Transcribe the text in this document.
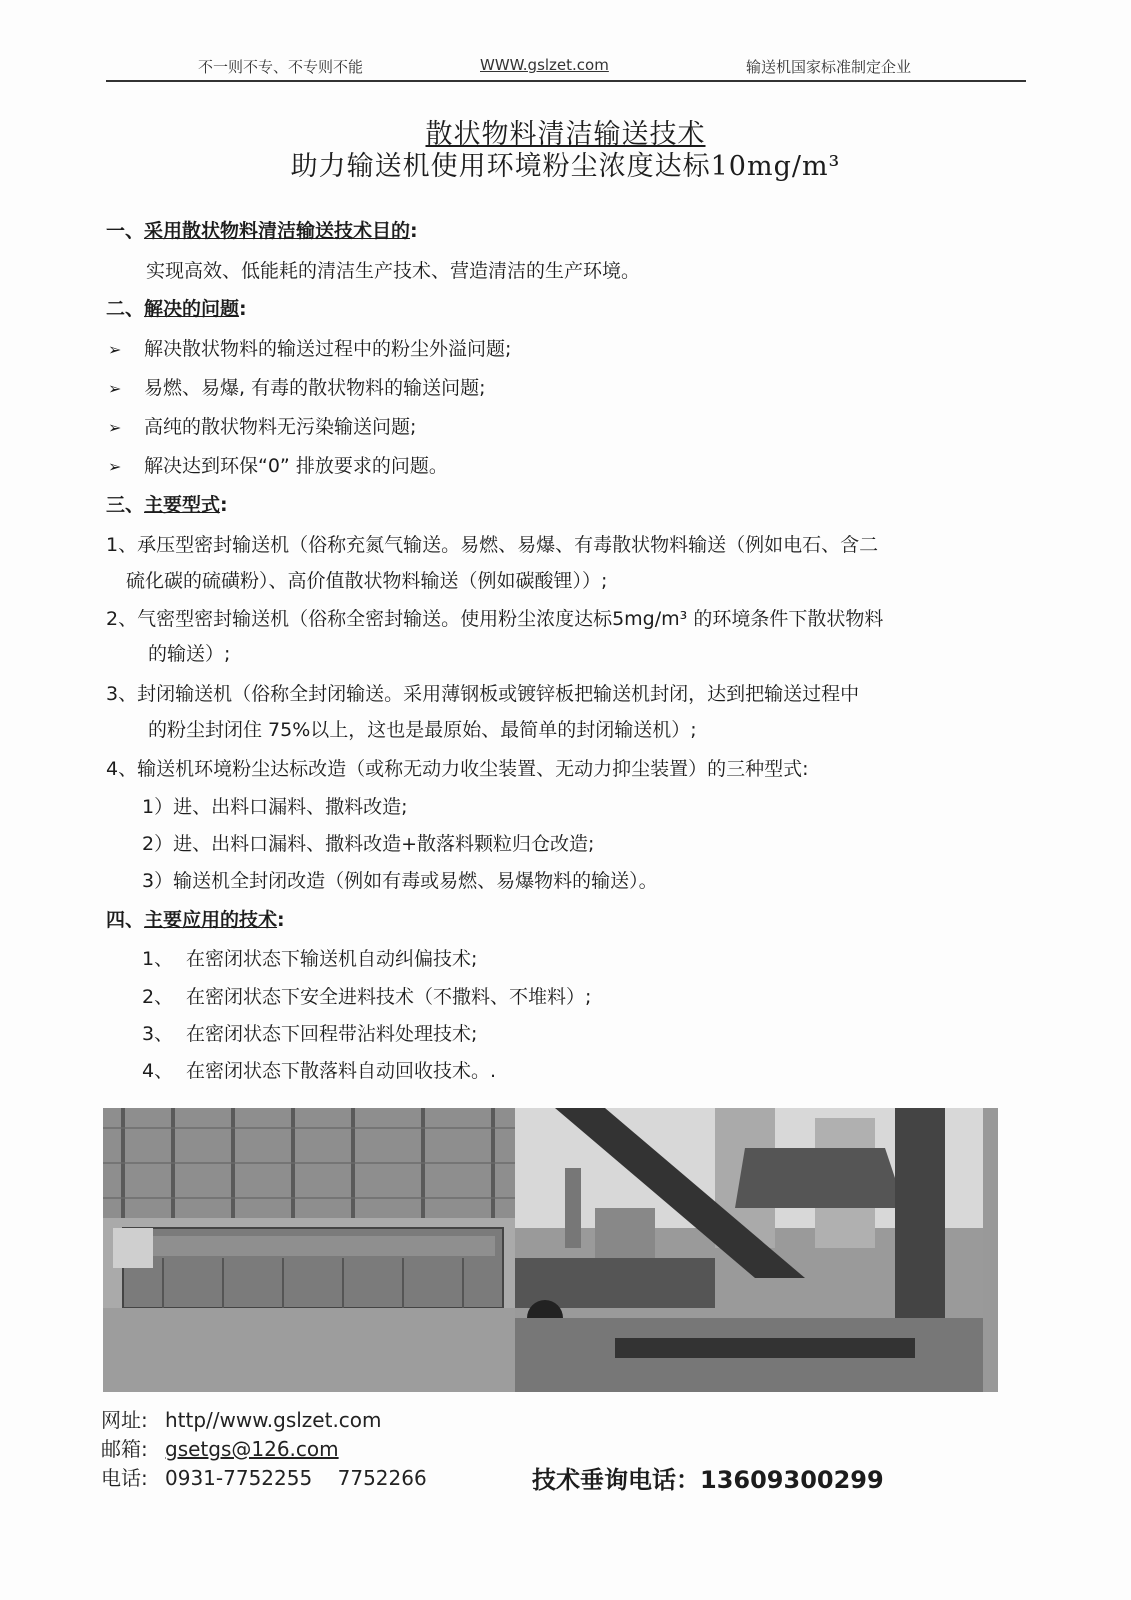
不一则不专、不专则不能	WWW.gslzet.com	输送机国家标准制定企业
散状物料清洁输送技术
助力输送机使用环境粉尘浓度达标10mg/m³
一、采用散状物料清洁输送技术目的:
实现高效、低能耗的清洁生产技术、营造清洁的生产环境。
二、解决的问题:
➢ 解决散状物料的输送过程中的粉尘外溢问题;
➢ 易燃、易爆, 有毒的散状物料的输送问题;
➢ 高纯的散状物料无污染输送问题;
➢ 解决达到环保“0” 排放要求的问题。
三、主要型式:
1、承压型密封输送机（俗称充氮气输送。易燃、易爆、有毒散状物料输送（例如电石、含二
硫化碳的硫磺粉）、高价值散状物料输送（例如碳酸锂））;
2、气密型密封输送机（俗称全密封输送。使用粉尘浓度达标5mg/m³ 的环境条件下散状物料
的输送）;
3、封闭输送机（俗称全封闭输送。采用薄钢板或镀锌板把输送机封闭，达到把输送过程中
的粉尘封闭住 75%以上，这也是最原始、最简单的封闭输送机）;
4、输送机环境粉尘达标改造（或称无动力收尘装置、无动力抑尘装置）的三种型式:
1）进、出料口漏料、撒料改造;
2）进、出料口漏料、撒料改造+散落料颗粒归仓改造;
3）输送机全封闭改造（例如有毒或易燃、易爆物料的输送）。
四、主要应用的技术:
1、 在密闭状态下输送机自动纠偏技术;
2、 在密闭状态下安全进料技术（不撒料、不堆料）;
3、 在密闭状态下回程带沾料处理技术;
4、 在密闭状态下散落料自动回收技术。.
网址: http//www.gslzet.com
邮箱: gsetgs@126.com
电话: 0931-7752255    7752266	技术垂询电话：13609300299
